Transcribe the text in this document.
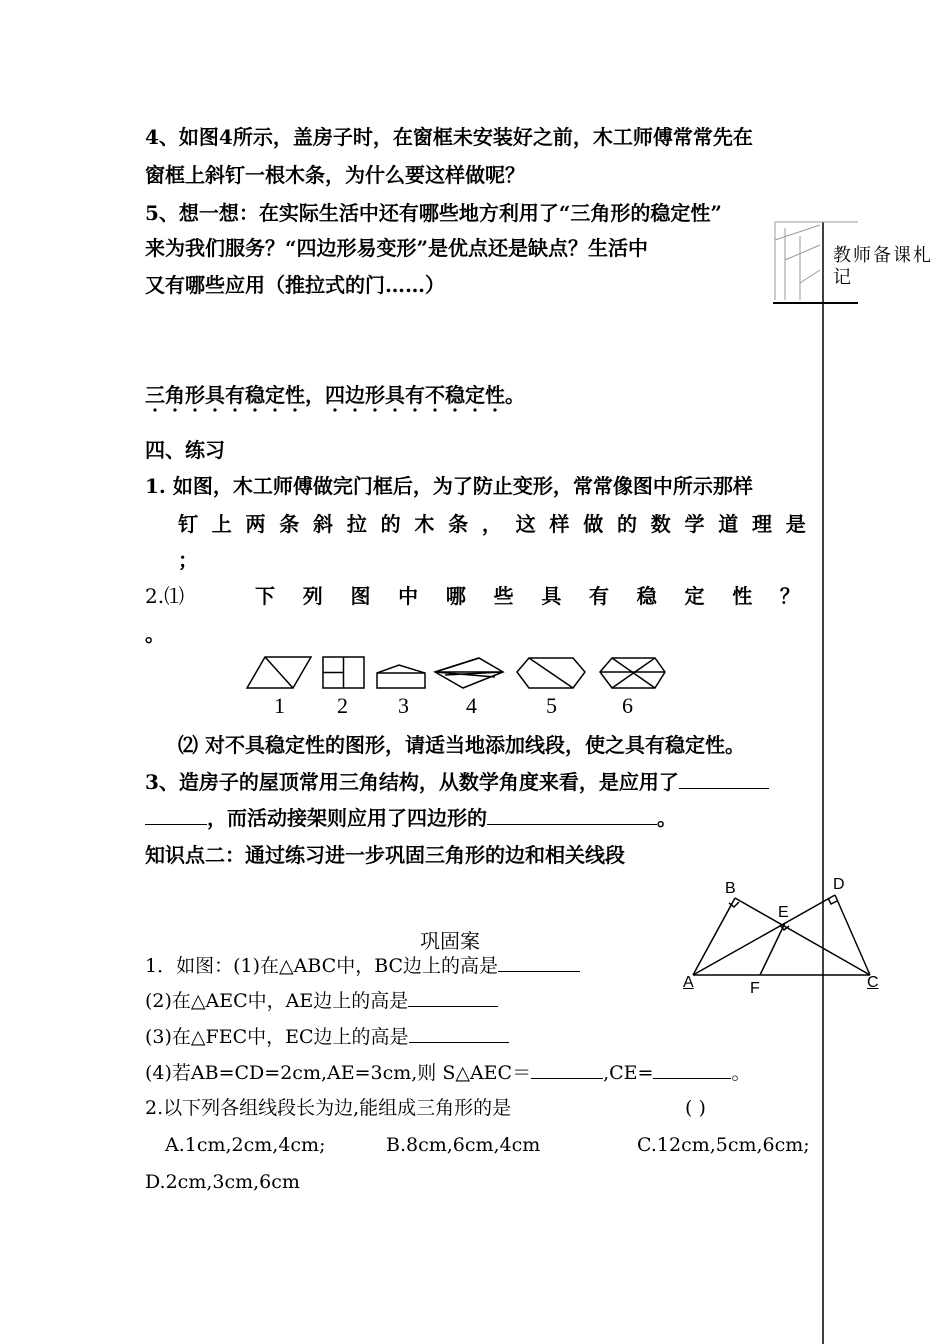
教师备课札
记
4、如图4所示，盖房子时，在窗框未安装好之前，木工师傅常常先在
窗框上斜钉一根木条，为什么要这样做呢？
5、想一想：在实际生活中还有哪些地方利用了“三角形的稳定性”
来为我们服务？“四边形易变形”是优点还是缺点？生活中
又有哪些应用（推拉式的门……）
三角形具有稳定性，四边形具有不稳定性。
四、练习
1. 如图，木工师傅做完门框后，为了防止变形，常常像图中所示那样
钉 上 两 条 斜 拉 的 木 条 ， 这 样 做 的 数 学 道 理 是
；
2.⑴	下 列 图 中 哪 些 具 有 稳 定 性 ？
。
1 2 3	4	5	6
⑵ 对不具稳定性的图形，请适当地添加线段，使之具有稳定性。
3、造房子的屋顶常用三角结构，从数学角度来看，是应用了
，而活动接架则应用了四边形的	。
知识点二：通过练习进一步巩固三角形的边和相关线段
B	D
E
A	F	C
巩固案
1．如图：(1)在△ABC中，BC边上的高是
(2)在△AEC中，AE边上的高是
(3)在△FEC中，EC边上的高是
(4)若AB=CD=2cm,AE=3cm,则 S△AEC＝	,CE=	。
2.以下列各组线段长为边,能组成三角形的是	( )
A.1cm,2cm,4cm;	B.8cm,6cm,4cm	C.12cm,5cm,6cm;
D.2cm,3cm,6cm
